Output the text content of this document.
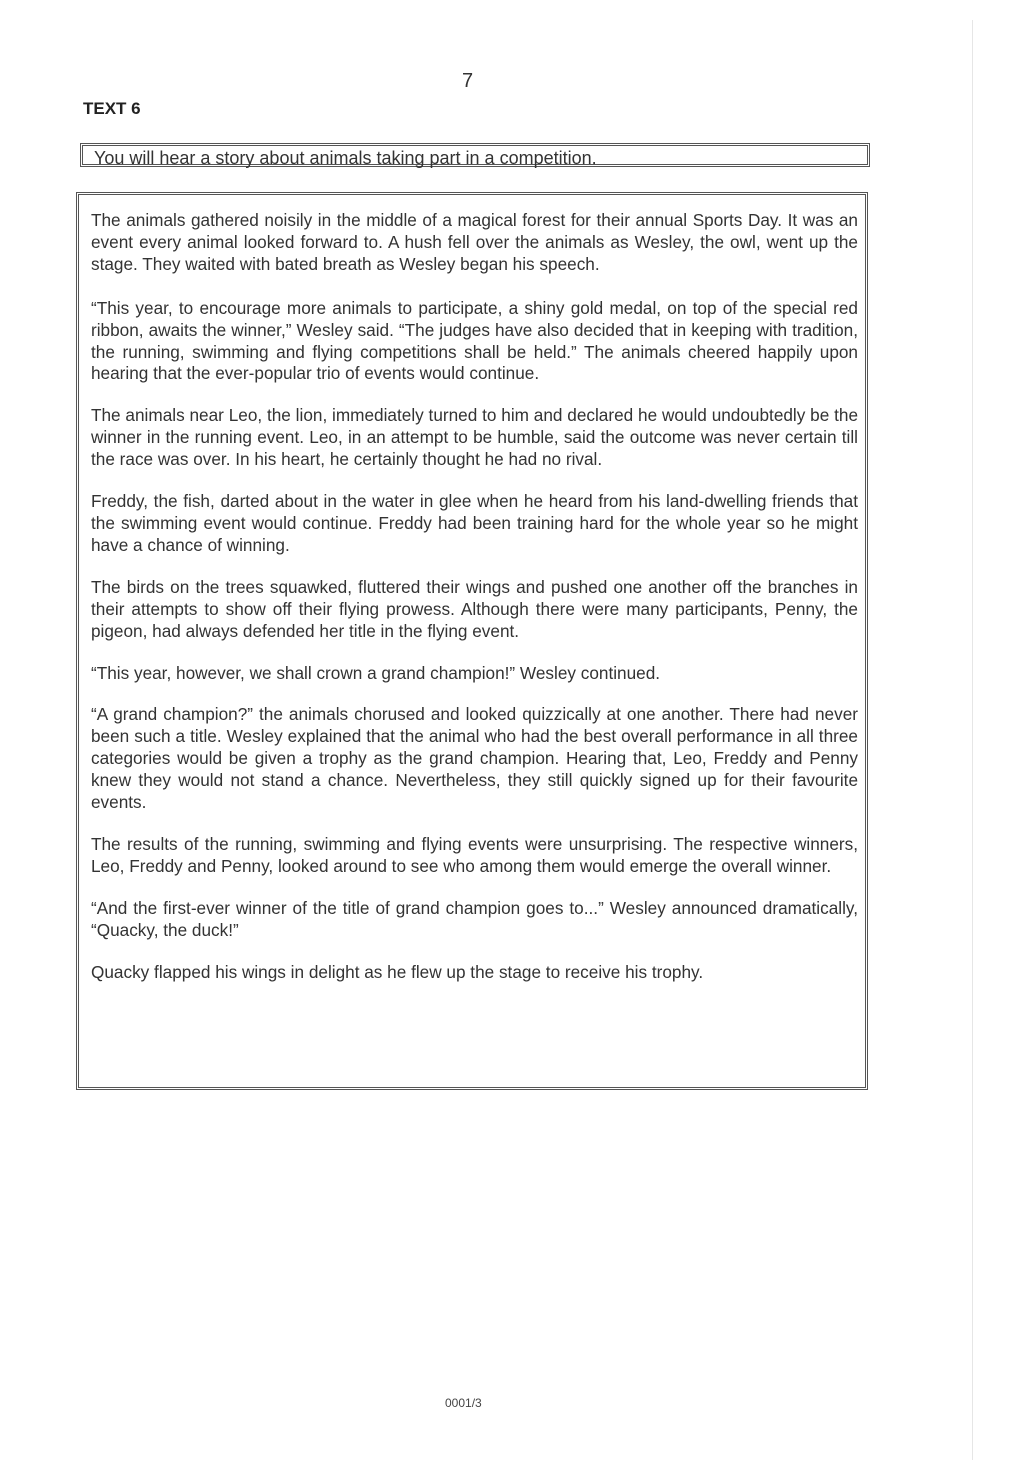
7
TEXT 6
You will hear a story about animals taking part in a competition.

The animals gathered noisily in the middle of a magical forest for their annual Sports Day. It was an event every animal looked forward to. A hush fell over the animals as Wesley, the owl, went up the stage. They waited with bated breath as Wesley began his speech.

“This year, to encourage more animals to participate, a shiny gold medal, on top of the special red ribbon, awaits the winner,” Wesley said. “The judges have also decided that in keeping with tradition, the running, swimming and flying competitions shall be held.” The animals cheered happily upon hearing that the ever-popular trio of events would continue.

The animals near Leo, the lion, immediately turned to him and declared he would undoubtedly be the winner in the running event. Leo, in an attempt to be humble, said the outcome was never certain till the race was over. In his heart, he certainly thought he had no rival.

Freddy, the fish, darted about in the water in glee when he heard from his land-dwelling friends that the swimming event would continue. Freddy had been training hard for the whole year so he might have a chance of winning.

The birds on the trees squawked, fluttered their wings and pushed one another off the branches in their attempts to show off their flying prowess. Although there were many participants, Penny, the pigeon, had always defended her title in the flying event.

“This year, however, we shall crown a grand champion!” Wesley continued.

“A grand champion?” the animals chorused and looked quizzically at one another. There had never been such a title. Wesley explained that the animal who had the best overall performance in all three categories would be given a trophy as the grand champion. Hearing that, Leo, Freddy and Penny knew they would not stand a chance. Nevertheless, they still quickly signed up for their favourite events.

The results of the running, swimming and flying events were unsurprising. The respective winners, Leo, Freddy and Penny, looked around to see who among them would emerge the overall winner.

“And the first-ever winner of the title of grand champion goes to...” Wesley announced dramatically, “Quacky, the duck!”

Quacky flapped his wings in delight as he flew up the stage to receive his trophy.

0001/3
